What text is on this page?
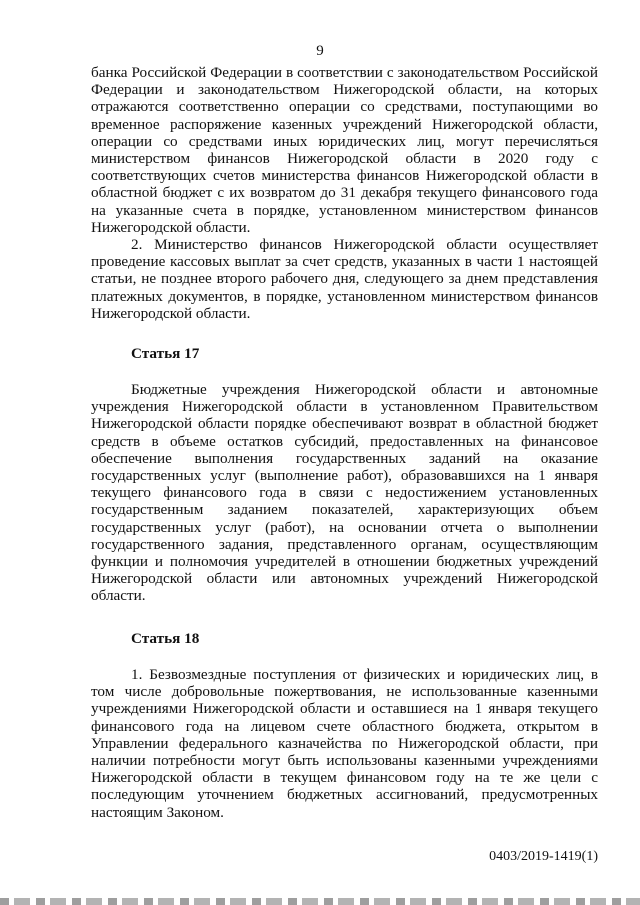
9

банка Российской Федерации в соответствии с законодательством Российской Федерации и законодательством Нижегородской области, на которых отражаются соответственно операции со средствами, поступающими во временное распоряжение казенных учреждений Нижегородской области, операции со средствами иных юридических лиц, могут перечисляться министерством финансов Нижегородской области в 2020 году с соответствующих счетов министерства финансов Нижегородской области в областной бюджет с их возвратом до 31 декабря текущего финансового года на указанные счета в порядке, установленном министерством финансов Нижегородской области.

2. Министерство финансов Нижегородской области осуществляет проведение кассовых выплат за счет средств, указанных в части 1 настоящей статьи, не позднее второго рабочего дня, следующего за днем представления платежных документов, в порядке, установленном министерством финансов Нижегородской области.

Статья 17

Бюджетные учреждения Нижегородской области и автономные учреждения Нижегородской области в установленном Правительством Нижегородской области порядке обеспечивают возврат в областной бюджет средств в объеме остатков субсидий, предоставленных на финансовое обеспечение выполнения государственных заданий на оказание государственных услуг (выполнение работ), образовавшихся на 1 января текущего финансового года в связи с недостижением установленных государственным заданием показателей, характеризующих объем государственных услуг (работ), на основании отчета о выполнении государственного задания, представленного органам, осуществляющим функции и полномочия учредителей в отношении бюджетных учреждений Нижегородской области или автономных учреждений Нижегородской области.

Статья 18

1. Безвозмездные поступления от физических и юридических лиц, в том числе добровольные пожертвования, не использованные казенными учреждениями Нижегородской области и оставшиеся на 1 января текущего финансового года на лицевом счете областного бюджета, открытом в Управлении федерального казначейства по Нижегородской области, при наличии потребности могут быть использованы казенными учреждениями Нижегородской области в текущем финансовом году на те же цели с последующим уточнением бюджетных ассигнований, предусмотренных настоящим Законом.

0403/2019-1419(1)
